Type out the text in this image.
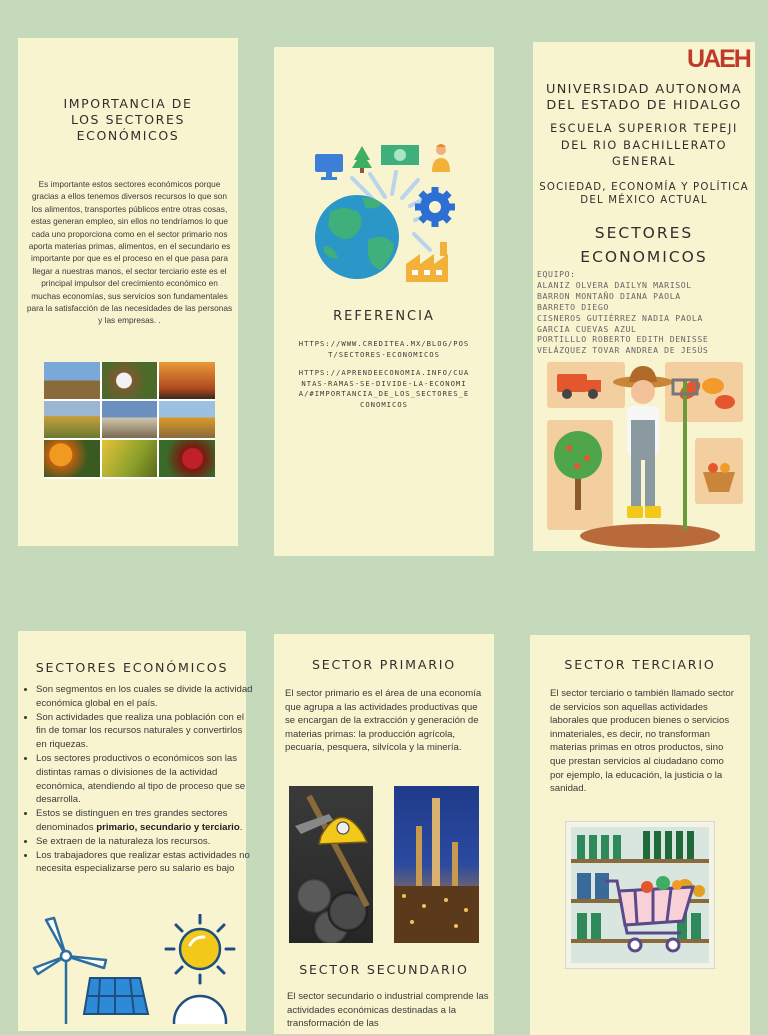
IMPORTANCIA DE LOS SECTORES ECONÓMICOS
Es importante estos sectores económicos porque gracias a ellos tenemos diversos recursos lo que son los alimentos, transportes públicos entre otras cosas, estas generan empleo, sin ellos no tendríamos lo que cada uno proporciona como en el sector primario nos aporta materias primas, alimentos, en el secundario es importante por que es el proceso en el que pasa para llegar a nuestras manos, el sector terciario este es el principal impulsor del crecimiento económico en muchas economías, sus servicios son fundamentales para la satisfacción de las necesidades de las personas y las empresas. .	REFERENCIA
HTTPS://WWW.CREDITEA.MX/BLOG/POST/SECTORES-ECONOMICOS
HTTPS://APRENDEECONOMIA.INFO/CUANTAS-RAMAS-SE-DIVIDE-LA-ECONOMIA/#IMPORTANCIA_DE_LOS_SECTORES_ECONOMICOS
UAEH
UNIVERSIDAD AUTONOMA DEL ESTADO DE HIDALGO
ESCUELA SUPERIOR TEPEJI DEL RIO BACHILLERATO GENERAL
SOCIEDAD, ECONOMÍA Y POLÍTICA DEL MÉXICO ACTUAL
SECTORES ECONOMICOS
EQUIPO:
ALANIZ OLVERA DAILYN MARISOL
BARRON MONTAÑO DIANA PAOLA
BARRETO DIEGO
CISNEROS GUTIÉRREZ NADIA PAOLA
GARCIA CUEVAS AZUL
PORTILLLO ROBERTO EDITH DENISSE
VELÁZQUEZ TOVAR ANDREA DE JESÚS
SECTORES ECONÓMICOS
• Son segmentos en los cuales se divide la actividad económica global en el país.
• Son actividades que realiza una población con el fin de tomar los recursos naturales y convertirlos en riquezas.
• Los sectores productivos o económicos son las distintas ramas o divisiones de la actividad económica, atendiendo al tipo de proceso que se desarrolla.
• Estos se distinguen en tres grandes sectores denominados primario, secundario y terciario.
• Se extraen de la naturaleza los recursos.
• Los trabajadores que realizar estas actividades no necesita especializarse pero su salario es bajo
SECTOR PRIMARIO
El sector primario es el área de una economía que agrupa a las actividades productivas que se encargan de la extracción y generación de materias primas: la producción agrícola, pecuaria, pesquera, silvícola y la minería.
SECTOR SECUNDARIO
El sector secundario o industrial comprende las actividades económicas destinadas a la transformación de las
SECTOR TERCIARIO
El sector terciario o también llamado sector de servicios son aquellas actividades laborales que producen bienes o servicios inmateriales, es decir, no transforman materias primas en otros productos, sino que prestan servicios al ciudadano como por ejemplo, la educación, la justicia o la sanidad.
